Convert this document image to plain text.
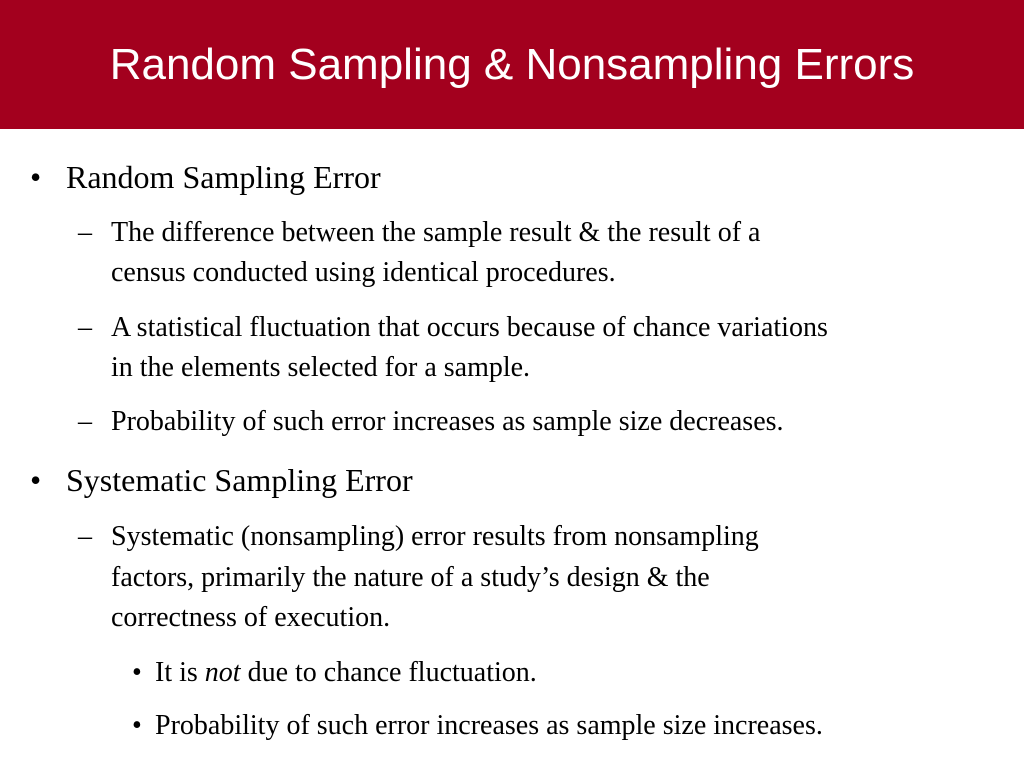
Random Sampling & Nonsampling Errors
• Random Sampling Error
– The difference between the sample result & the result of a
census conducted using identical procedures.
– A statistical fluctuation that occurs because of chance variations
in the elements selected for a sample.
– Probability of such error increases as sample size decreases.
• Systematic Sampling Error
– Systematic (nonsampling) error results from nonsampling
factors, primarily the nature of a study’s design & the
correctness of execution.
• It is not due to chance fluctuation.
• Probability of such error increases as sample size increases.
